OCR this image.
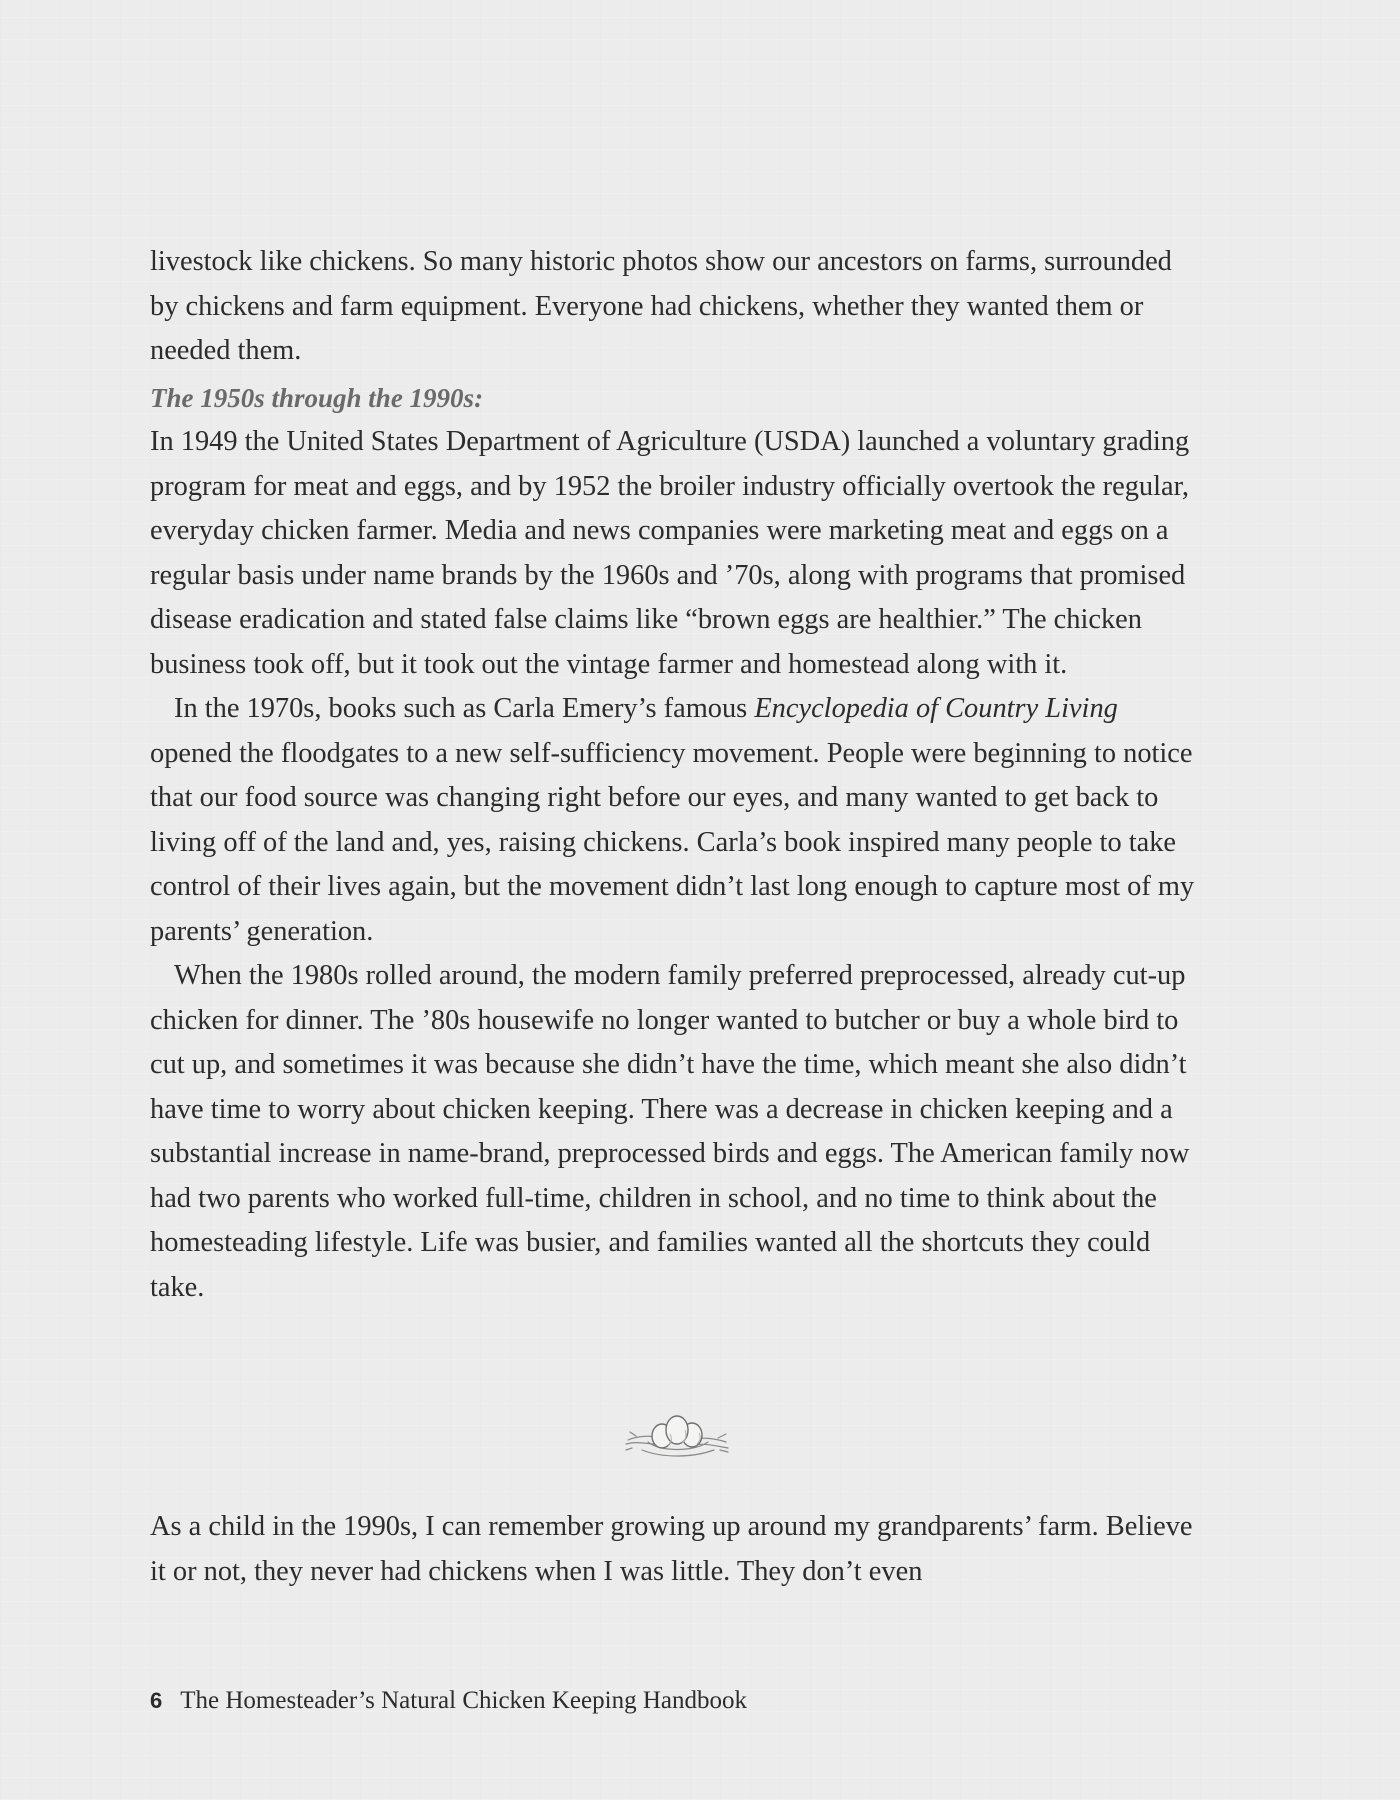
livestock like chickens. So many historic photos show our ancestors on farms, surrounded by chickens and farm equipment. Everyone had chickens, whether they wanted them or needed them.

The 1950s through the 1990s:

In 1949 the United States Department of Agriculture (USDA) launched a voluntary grading program for meat and eggs, and by 1952 the broiler industry officially overtook the regular, everyday chicken farmer. Media and news companies were marketing meat and eggs on a regular basis under name brands by the 1960s and ’70s, along with programs that promised disease eradication and stated false claims like “brown eggs are healthier.” The chicken business took off, but it took out the vintage farmer and homestead along with it.

In the 1970s, books such as Carla Emery’s famous Encyclopedia of Country Living opened the floodgates to a new self-sufficiency movement. People were beginning to notice that our food source was changing right before our eyes, and many wanted to get back to living off of the land and, yes, raising chickens. Carla’s book inspired many people to take control of their lives again, but the movement didn’t last long enough to capture most of my parents’ generation.

When the 1980s rolled around, the modern family preferred preprocessed, already cut-up chicken for dinner. The ’80s housewife no longer wanted to butcher or buy a whole bird to cut up, and sometimes it was because she didn’t have the time, which meant she also didn’t have time to worry about chicken keeping. There was a decrease in chicken keeping and a substantial increase in name-brand, preprocessed birds and eggs. The American family now had two parents who worked full-time, children in school, and no time to think about the homesteading lifestyle. Life was busier, and families wanted all the shortcuts they could take.

As a child in the 1990s, I can remember growing up around my grandparents’ farm. Believe it or not, they never had chickens when I was little. They don’t even

6 The Homesteader’s Natural Chicken Keeping Handbook
